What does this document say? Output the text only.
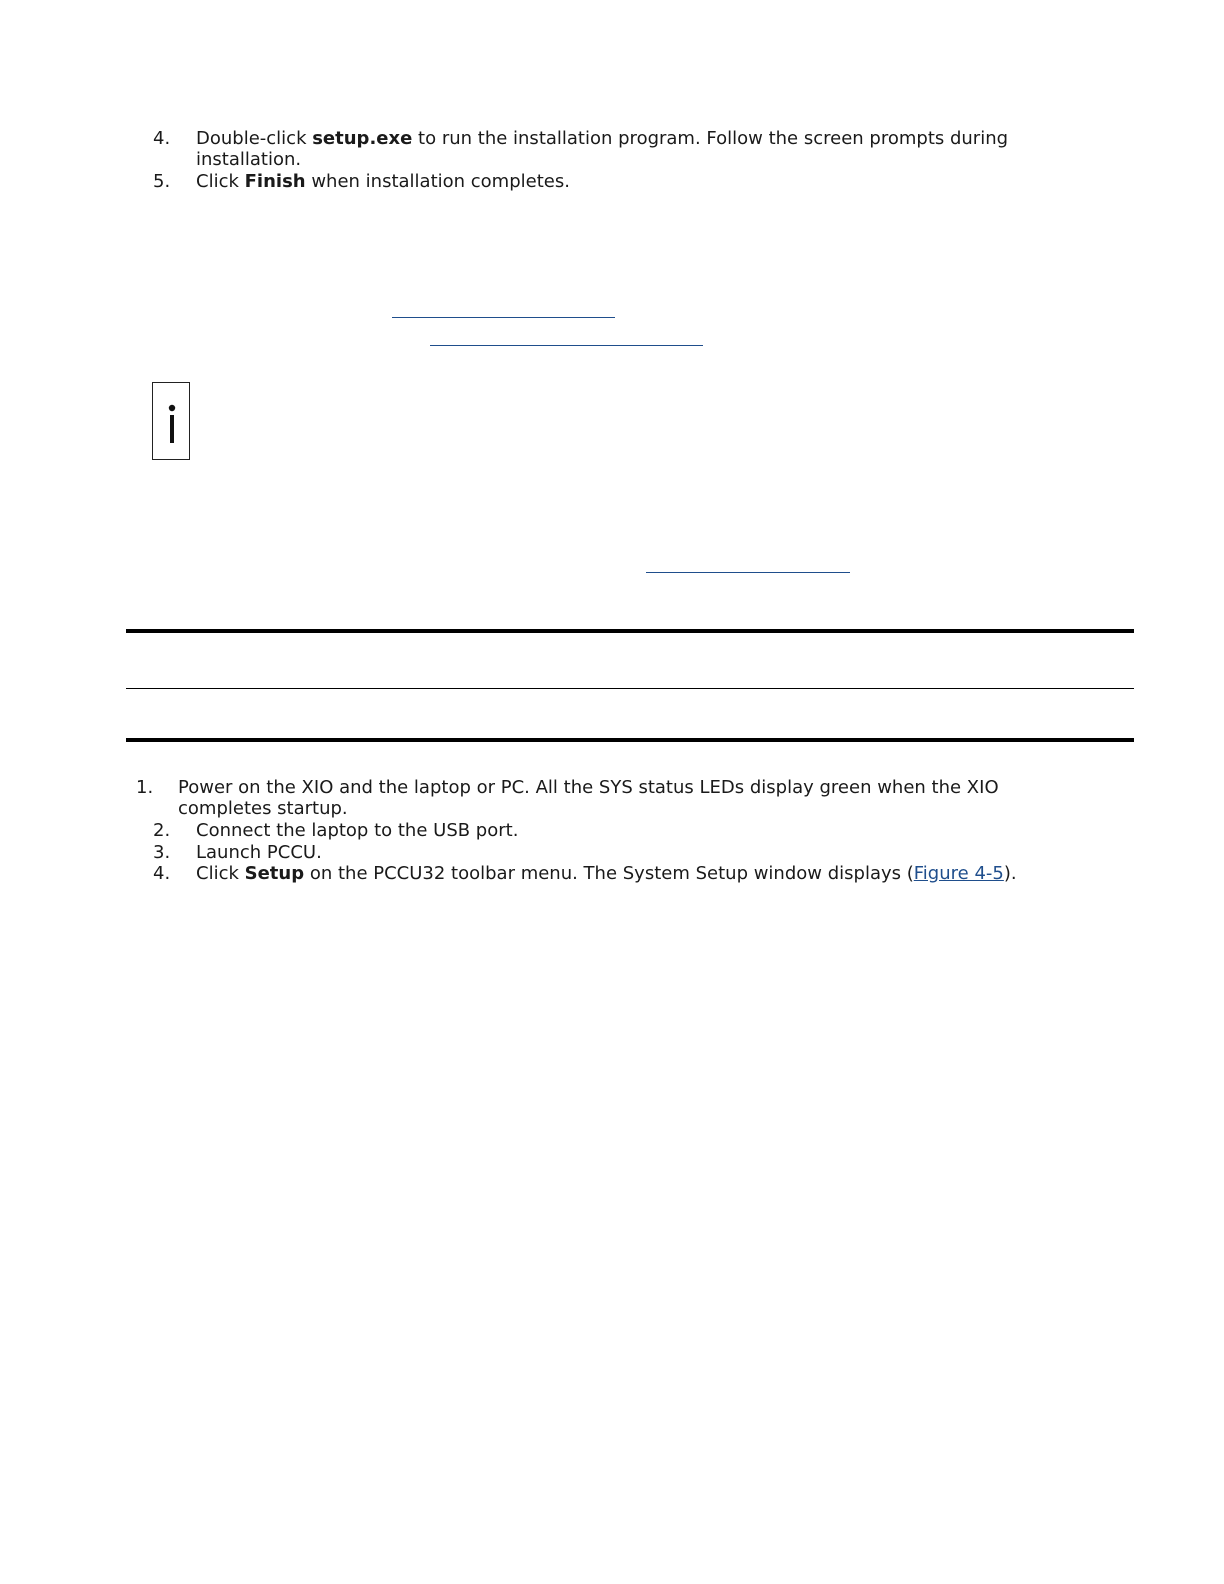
4.	Double-click setup.exe to run the installation program. Follow the screen prompts during
installation.
5.	Click Finish when installation completes.
1.	Power on the XIO and the laptop or PC. All the SYS status LEDs display green when the XIO
completes startup.
2.	Connect the laptop to the USB port.
3.	Launch PCCU.
4.	Click Setup on the PCCU32 toolbar menu. The System Setup window displays (Figure 4-5).
